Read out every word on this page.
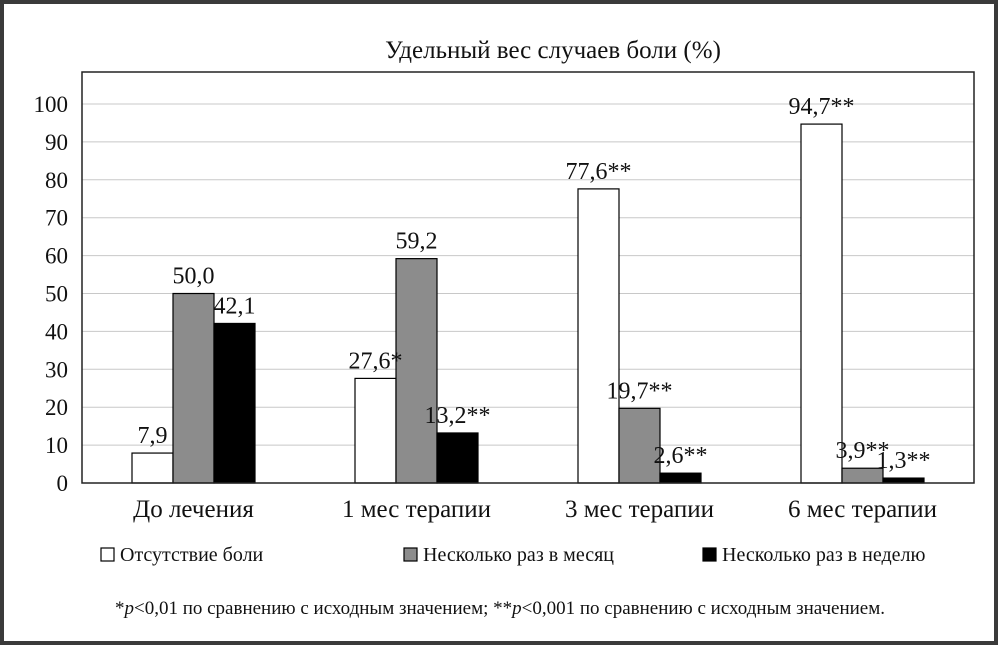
Удельный вес случаев боли (%)
0
10
20
30
40
50
60
70
80
90
100
До лечения	1 мес терапии	3 мес терапии	6 мес терапии
7,9
50,0
42,1
27,6*
59,2
13,2**
77,6**
19,7**
2,6**
94,7**
3,9**
1,3**
Отсутствие боли	Несколько раз в месяц	Несколько раз в неделю
*p<0,01 по сравнению с исходным значением; **p<0,001 по сравнению с исходным значением.
